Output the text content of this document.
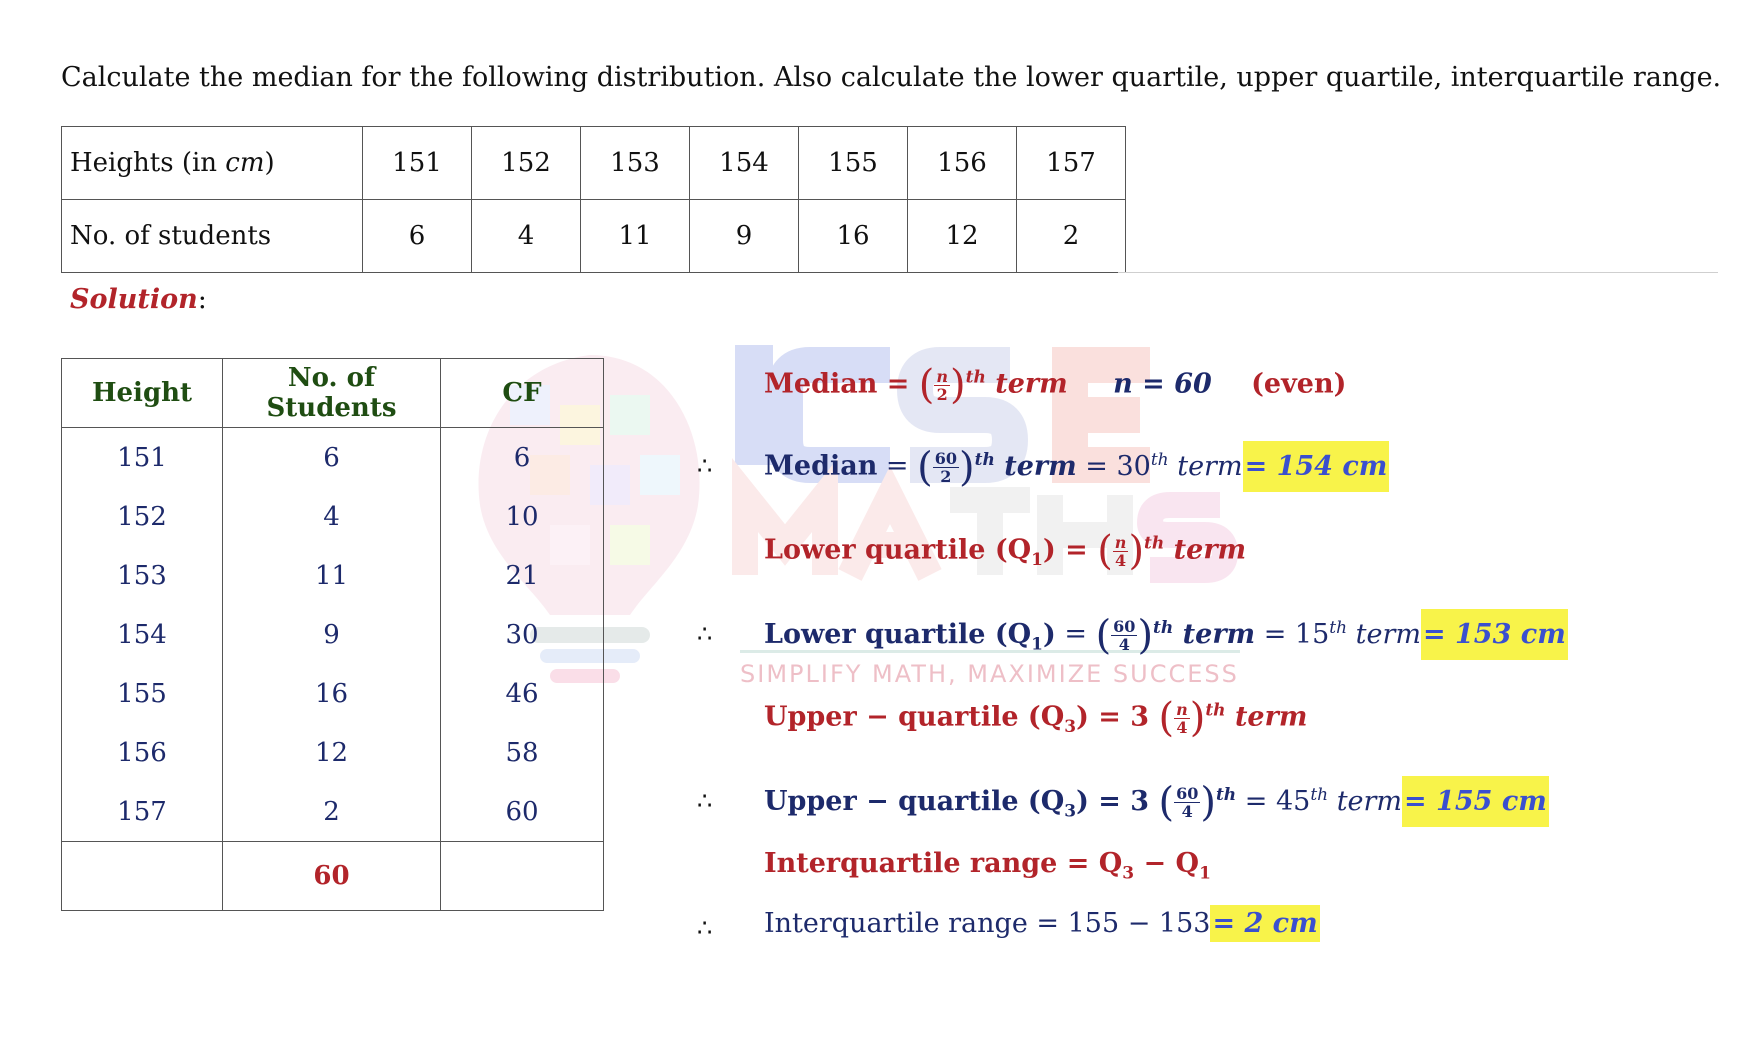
Calculate the median for the following distribution. Also calculate the lower quartile, upper quartile, interquartile range.
Heights (in cm)	151	152	153	154	155	156	157
No. of students	6	4	11	9	16	12	2
Solution:
SIMPLIFY MATH, MAXIMIZE SUCCESS
Height	No. of Students	CF
151	6	6
152	4	10
153	11	21
154	9	30
155	16	46
156	12	58
157	2	60
	60	
Median = ( $\frac{n}{2} )^{th}$ term n = 60 (even)
∴ Median = ( $\frac{60}{2} )^{th}$ term = 30th term= 154 cm
Lower quartile $(Q_1)$ = ( $\frac{n}{4} )^{th}$ term
∴ Lower quartile $(Q_1)$ = ( $\frac{60}{4} )^{th}$ term = 15th term= 153 cm
Upper − quartile $(Q_3) = 3$ ( $\frac{n}{4} )^{th}$ term
∴ Upper − quartile $(Q_3) = 3$ ( $\frac{60}{4} )^{th} = 45th$ term= 155 cm
Interquartile range = $Q_3 - Q_1$
∴ Interquartile range = 155 − 153= 2 cm
